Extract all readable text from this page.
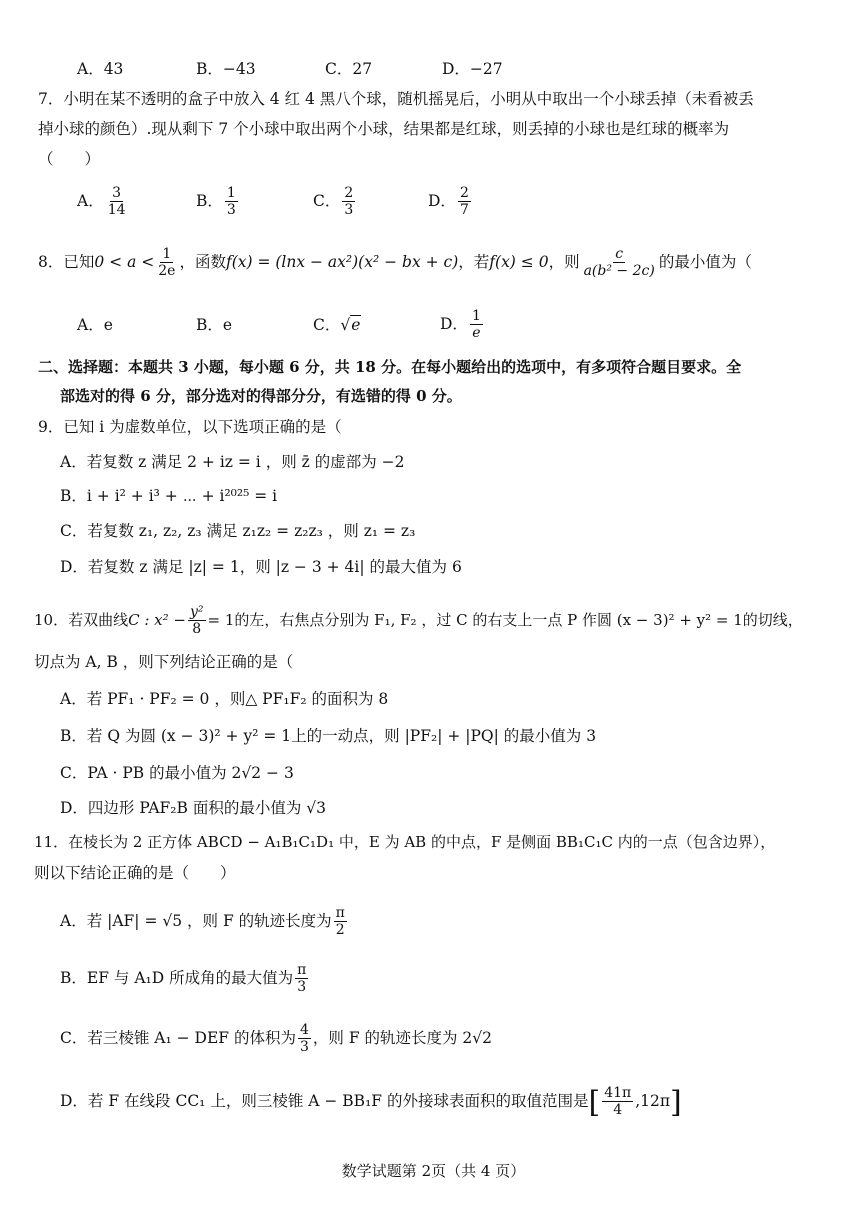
A．43	B．−43	C．27	D．−27
7．小明在某不透明的盒子中放入 4 红 4 黑八个球，随机摇晃后，小明从中取出一个小球丢掉（未看被丢
掉小球的颜色）.现从剩下 7 个小球中取出两个小球，结果都是红球，则丢掉的小球也是红球的概率为
（　　）
A． $\frac{3}{14}$	B． $\frac{1}{3}$	C． $\frac{2}{3}$	D． $\frac{2}{7}$
8．已知$0 < a < \frac{1}{2e}$ ，函数f(x) = (lnx − ax²)(x² − bx + c)，若f(x) ≤ 0，则 $\frac{c}{\text{a(b² − 2c)}}$ 的最小值为（
A．e	B．e	C．√e	D． $\frac{1}{e}$
二、选择题：本题共 3 小题，每小题 6 分，共 18 分。在每小题给出的选项中，有多项符合题目要求。全
部选对的得 6 分，部分选对的得部分分，有选错的得 0 分。
9．已知 i 为虚数单位，以下选项正确的是（
A．若复数 z 满足 2 + iz = i ，则 z̄ 的虚部为 −2
B．i + i² + i³ + ⋯ + i²⁰²⁵ = i
C．若复数 z₁, z₂, z₃ 满足 z₁z₂ = z₂z₃ ，则 z₁ = z₃
D．若复数 z 满足 |z| = 1，则 |z − 3 + 4i| 的最大值为 6
10．若双曲线C : $x^2 - \frac{\text{y²}}{8} = 1$的左，右焦点分别为 F₁, F₂ ，过 C 的右支上一点 P 作圆 (x − 3)² + y² = 1的切线，
切点为 A, B ，则下列结论正确的是（
A．若 PF₁ · PF₂ = 0 ，则△ PF₁F₂ 的面积为 8
B．若 Q 为圆 (x − 3)² + y² = 1上的一动点，则 |PF₂| + |PQ| 的最小值为 3
C．PA · PB 的最小值为 2√2 − 3
D．四边形 PAF₂B 面积的最小值为 √3
11．在棱长为 2 正方体 ABCD − A₁B₁C₁D₁ 中，E 为 AB 的中点，F 是侧面 BB₁C₁C 内的一点（包含边界），
则以下结论正确的是（　　）
A．若 |AF| = √5 ，则 F 的轨迹长度为 $\frac{\pi}{2}$
B．EF 与 A₁D 所成角的最大值为 $\frac{\pi}{3}$
C．若三棱锥 A₁ − DEF 的体积为 $\frac{4}{3}$ ，则 F 的轨迹长度为 2√2
D．若 F 在线段 CC₁ 上，则三棱锥 A − BB₁F 的外接球表面积的取值范围是[ $\frac{41\pi}{4} ,12\pi$]
数学试题第 2页（共 4 页）
